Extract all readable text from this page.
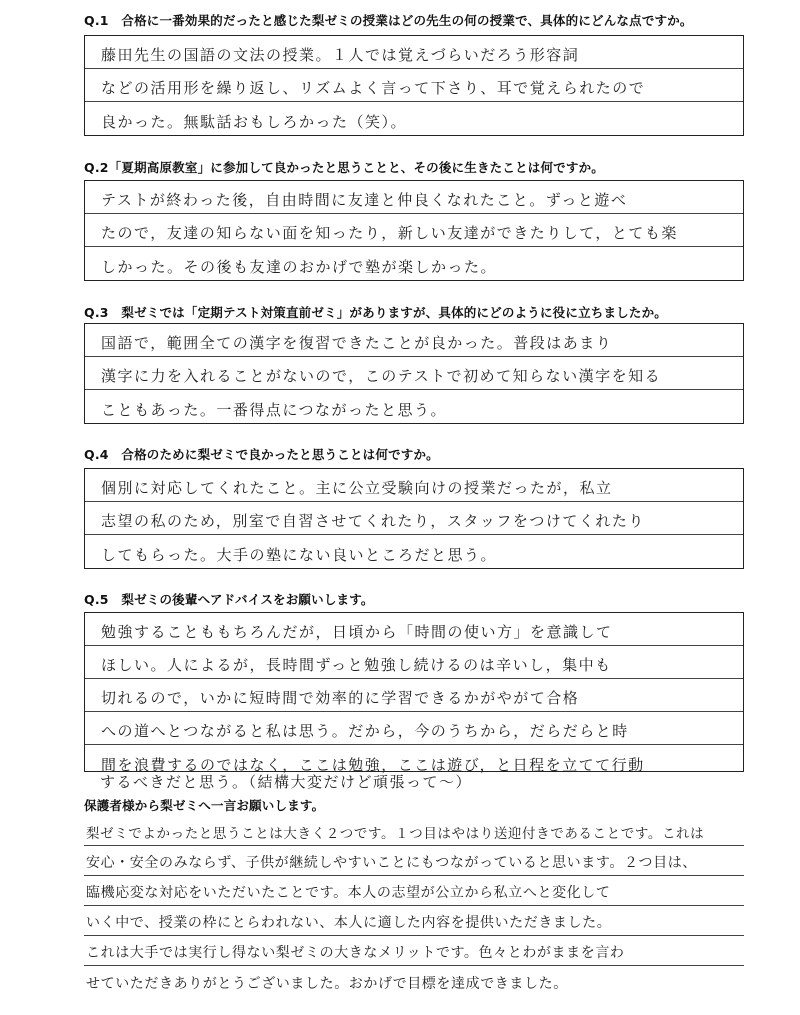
Q.1　合格に一番効果的だったと感じた梨ゼミの授業はどの先生の何の授業で、具体的にどんな点ですか。
藤田先生の国語の文法の授業。１人では覚えづらいだろう形容詞
などの活用形を繰り返し、リズムよく言って下さり、耳で覚えられたので
良かった。無駄話おもしろかった（笑）。
Q.2「夏期高原教室」に参加して良かったと思うことと、その後に生きたことは何ですか。
テストが終わった後，自由時間に友達と仲良くなれたこと。ずっと遊べ
たので，友達の知らない面を知ったり，新しい友達ができたりして，とても楽
しかった。その後も友達のおかげで塾が楽しかった。
Q.3　梨ゼミでは「定期テスト対策直前ゼミ」がありますが、具体的にどのように役に立ちましたか。
国語で，範囲全ての漢字を復習できたことが良かった。普段はあまり
漢字に力を入れることがないので，このテストで初めて知らない漢字を知る
こともあった。一番得点につながったと思う。
Q.4　合格のために梨ゼミで良かったと思うことは何ですか。
個別に対応してくれたこと。主に公立受験向けの授業だったが，私立
志望の私のため，別室で自習させてくれたり，スタッフをつけてくれたり
してもらった。大手の塾にない良いところだと思う。
Q.5　梨ゼミの後輩へアドバイスをお願いします。
勉強することももちろんだが，日頃から「時間の使い方」を意識して
ほしい。人によるが，長時間ずっと勉強し続けるのは辛いし，集中も
切れるので，いかに短時間で効率的に学習できるかがやがて合格
への道へとつながると私は思う。だから，今のうちから，だらだらと時
間を浪費するのではなく，ここは勉強，ここは遊び，と日程を立てて行動
するべきだと思う。（結構大変だけど頑張って～）
保護者様から梨ゼミへ一言お願いします。
梨ゼミでよかったと思うことは大きく２つです。１つ目はやはり送迎付きであることです。これは
安心・安全のみならず、子供が継続しやすいことにもつながっていると思います。２つ目は、
臨機応変な対応をいただいたことです。本人の志望が公立から私立へと変化して
いく中で、授業の枠にとらわれない、本人に適した内容を提供いただきました。
これは大手では実行し得ない梨ゼミの大きなメリットです。色々とわがままを言わ
せていただきありがとうございました。おかげで目標を達成できました。
